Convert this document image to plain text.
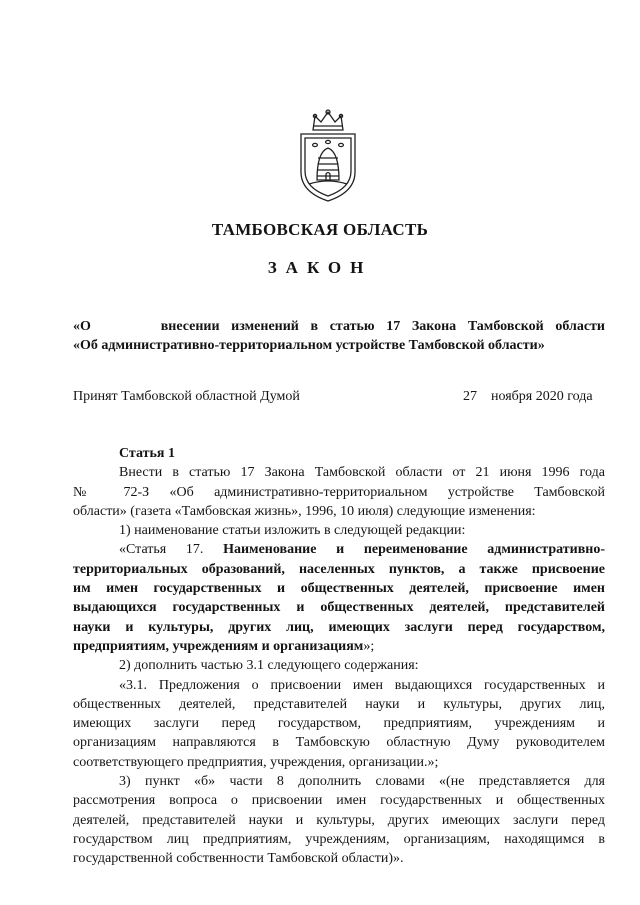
ТАМБОВСКАЯ ОБЛАСТЬ
ЗАКОН
«О	внесении изменений в статью 17 Закона Тамбовской области
«Об административно-территориальном устройстве Тамбовской области»
Принят Тамбовской областной Думой	27 ноября 2020 года
Статья 1
Внести в статью 17 Закона Тамбовской области от 21 июня 1996 года
№ 72-З «Об административно-территориальном устройстве Тамбовской
области» (газета «Тамбовская жизнь», 1996, 10 июля) следующие изменения:
1) наименование статьи изложить в следующей редакции:
«Статья 17. Наименование и переименование административно-
территориальных образований, населенных пунктов, а также присвоение
им имен государственных и общественных деятелей, присвоение имен
выдающихся государственных и общественных деятелей, представителей
науки и культуры, других лиц, имеющих заслуги перед государством,
предприятиям, учреждениям и организациям»;
2) дополнить частью 3.1 следующего содержания:
«3.1. Предложения о присвоении имен выдающихся государственных и
общественных деятелей, представителей науки и культуры, других лиц,
имеющих заслуги перед государством, предприятиям, учреждениям и
организациям направляются в Тамбовскую областную Думу руководителем
соответствующего предприятия, учреждения, организации.»;
3) пункт «б» части 8 дополнить словами «(не представляется для
рассмотрения вопроса о присвоении имен государственных и общественных
деятелей, представителей науки и культуры, других имеющих заслуги перед
государством лиц предприятиям, учреждениям, организациям, находящимся в
государственной собственности Тамбовской области)».
